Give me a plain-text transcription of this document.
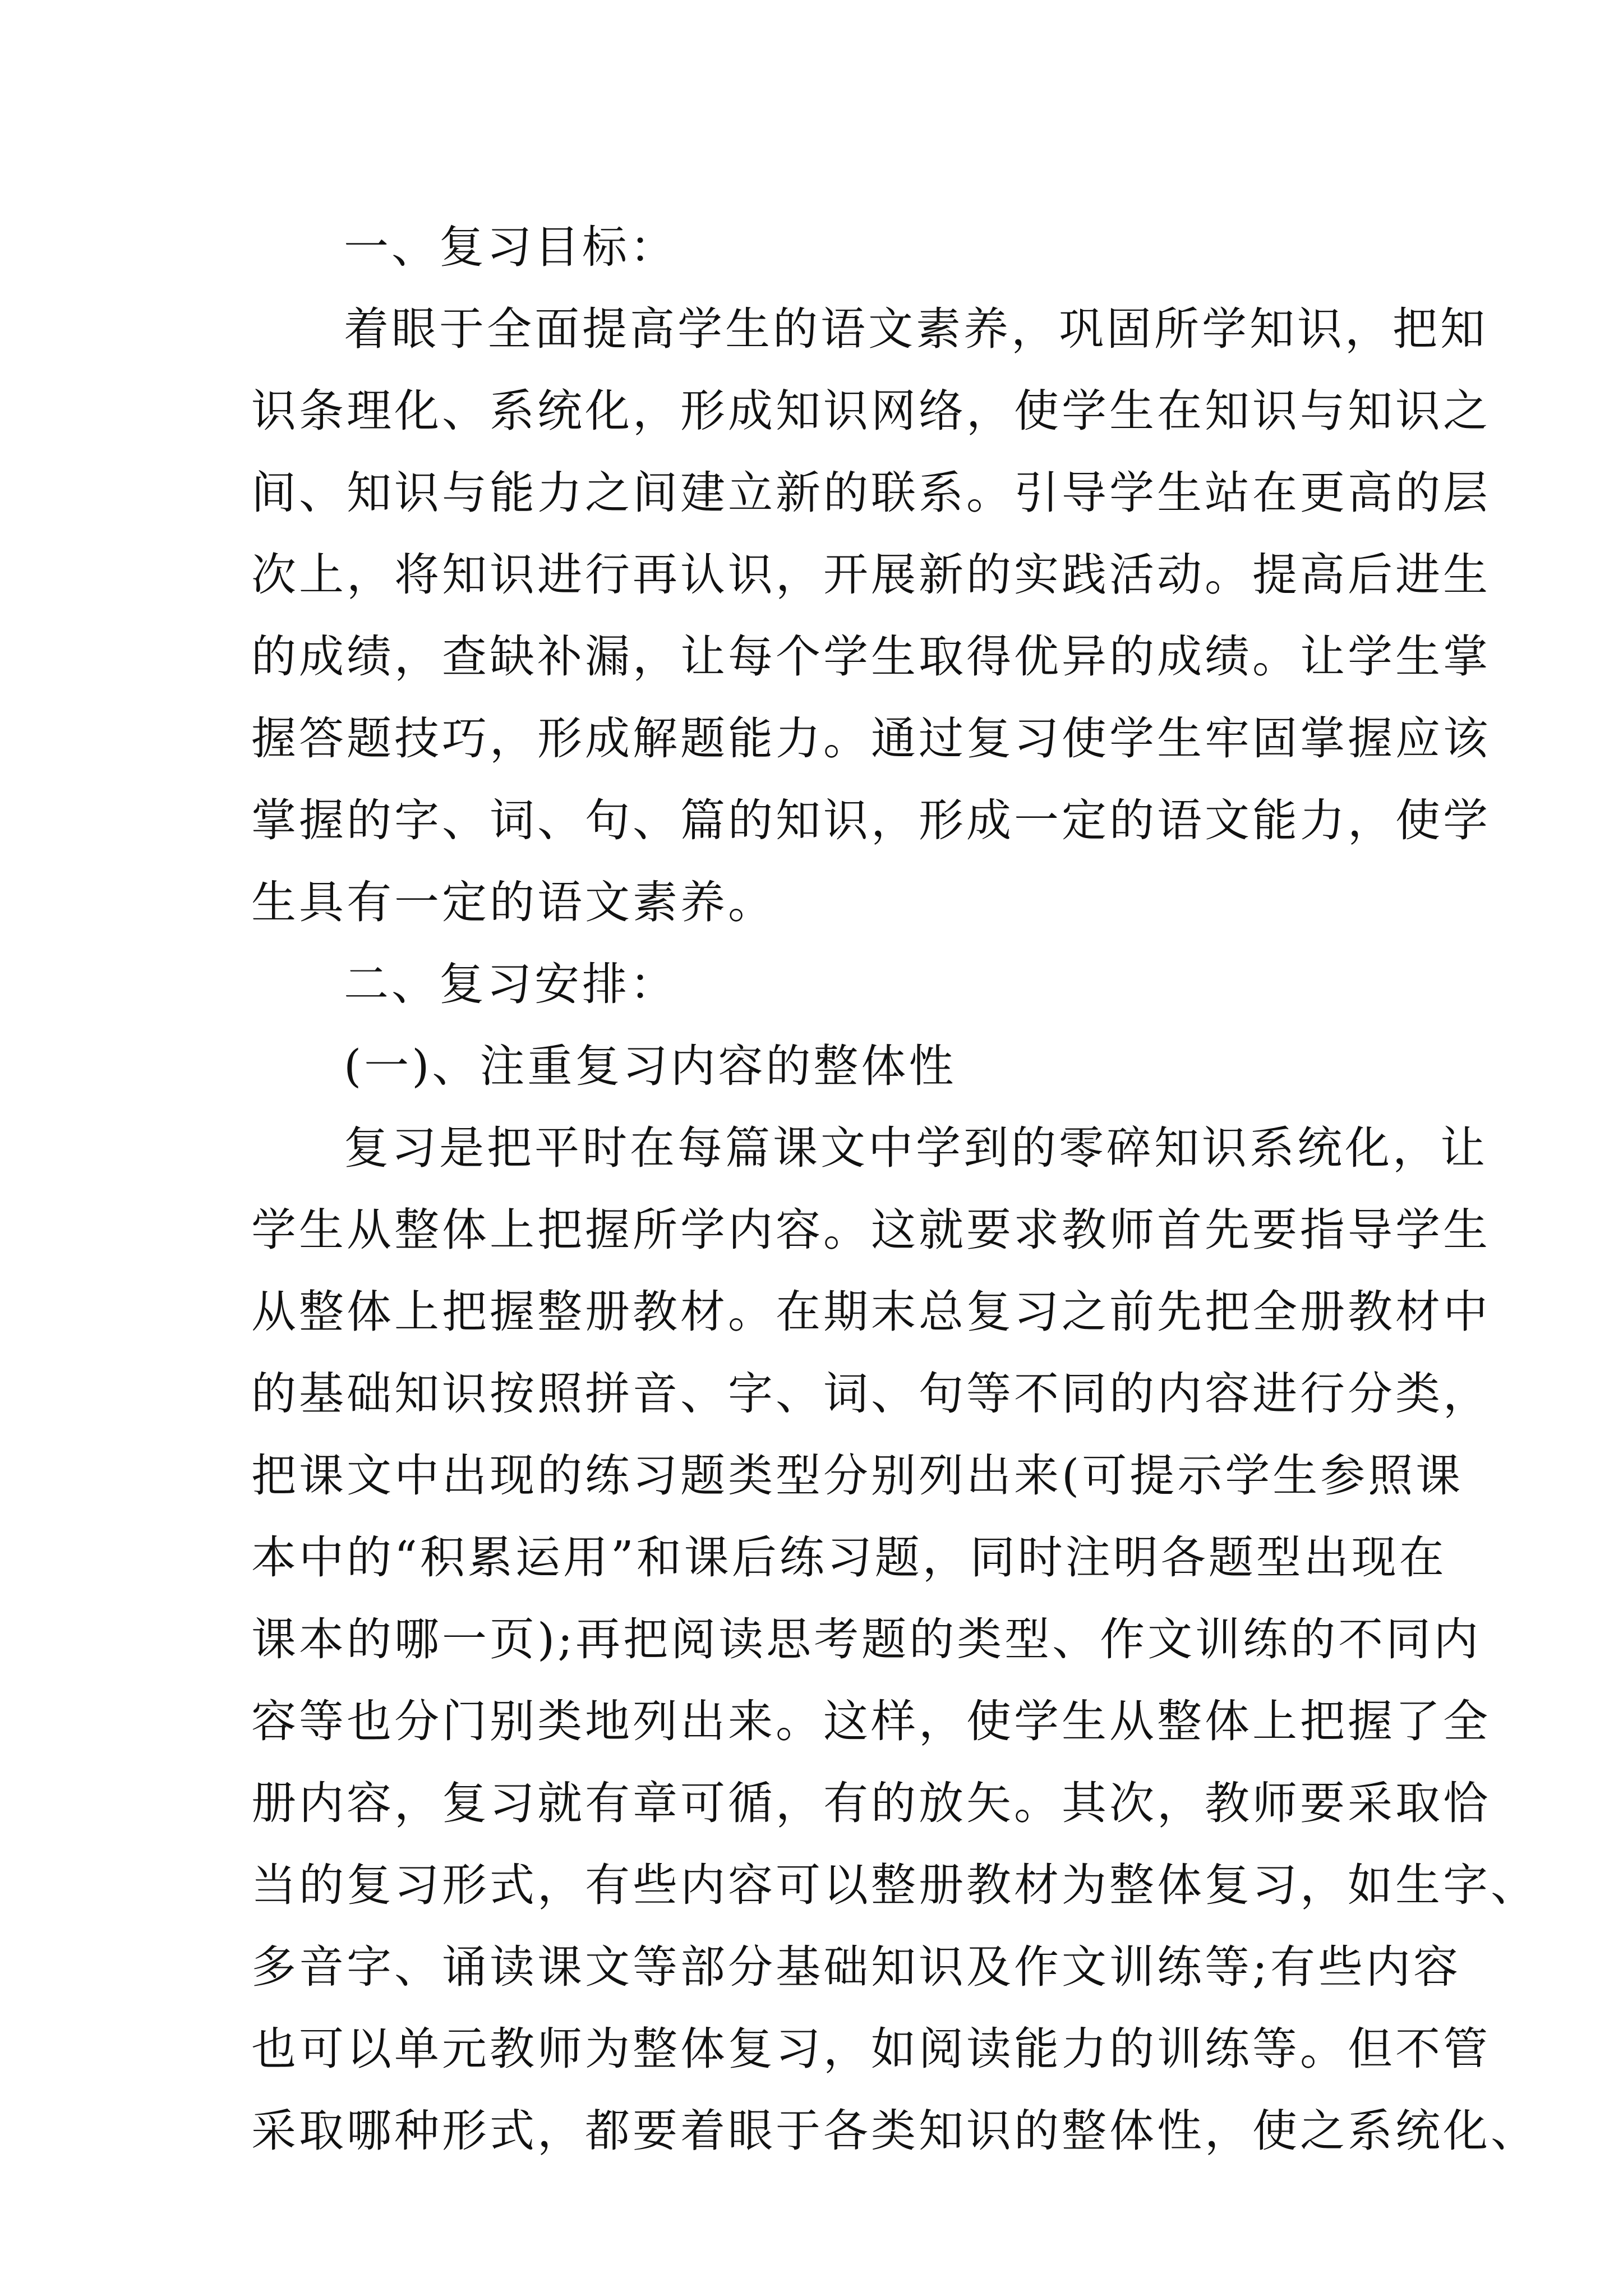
一、复习目标：
着眼于全面提高学生的语文素养，巩固所学知识，把知
识条理化、系统化，形成知识网络，使学生在知识与知识之
间、知识与能力之间建立新的联系。引导学生站在更高的层
次上，将知识进行再认识，开展新的实践活动。提高后进生
的成绩，查缺补漏，让每个学生取得优异的成绩。让学生掌
握答题技巧，形成解题能力。通过复习使学生牢固掌握应该
掌握的字、词、句、篇的知识，形成一定的语文能力，使学
生具有一定的语文素养。
二、复习安排：
(一)、注重复习内容的整体性
复习是把平时在每篇课文中学到的零碎知识系统化，让
学生从整体上把握所学内容。这就要求教师首先要指导学生
从整体上把握整册教材。在期末总复习之前先把全册教材中
的基础知识按照拼音、字、词、句等不同的内容进行分类，
把课文中出现的练习题类型分别列出来(可提示学生参照课
本中的“积累运用”和课后练习题，同时注明各题型出现在
课本的哪一页);再把阅读思考题的类型、作文训练的不同内
容等也分门别类地列出来。这样，使学生从整体上把握了全
册内容，复习就有章可循，有的放矢。其次，教师要采取恰
当的复习形式，有些内容可以整册教材为整体复习，如生字、
多音字、诵读课文等部分基础知识及作文训练等;有些内容
也可以单元教师为整体复习，如阅读能力的训练等。但不管
采取哪种形式，都要着眼于各类知识的整体性，使之系统化、
